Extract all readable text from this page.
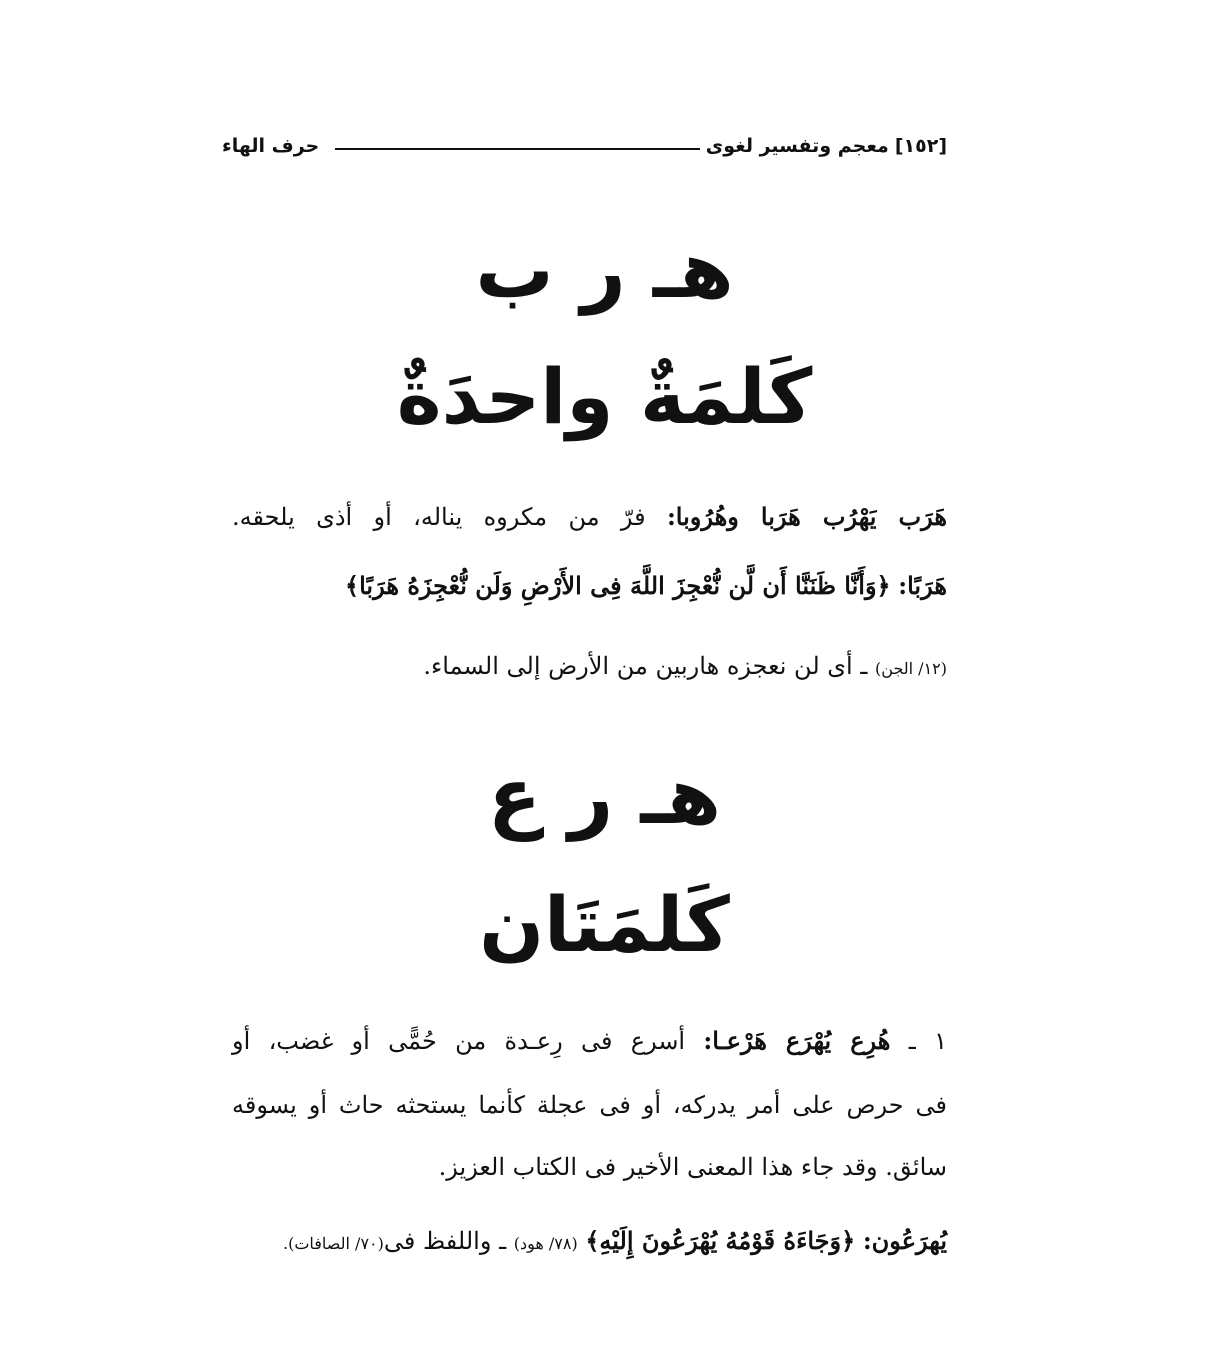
[١٥٢]
معجم وتفسير لغوى
حرف الهاء
هـ ر ب
كَلمَةٌ واحدَةٌ
هَرَب يَهْرُب هَرَبا وهُرُوبا: فرّ من مكروه يناله، أو أذى يلحقه.
هَرَبًا: ﴿وَأَنَّا ظَنَنَّا أَن لَّن نُّعْجِزَ اللَّهَ فِى الأَرْضِ وَلَن نُّعْجِزَهُ هَرَبًا﴾
(١٢/ الجن) ـ أى لن نعجزه هاربين من الأرض إلى السماء.
هـ ر ع
كَلمَتَان
١ ـ هُرِع يُهْرَع هَرْعـا: أسرع فى رِعـدة من حُمًّى أو غضب، أو
فى حرص على أمر يدركه، أو فى عجلة كأنما يستحثه حاث أو يسوقه
سائق. وقد جاء هذا المعنى الأخير فى الكتاب العزيز.
يُهرَعُون: ﴿وَجَاءَهُ قَوْمُهُ يُهْرَعُونَ إِلَيْهِ﴾ (٧٨/ هود) ـ واللفظ فى(٧٠/ الصافات).
